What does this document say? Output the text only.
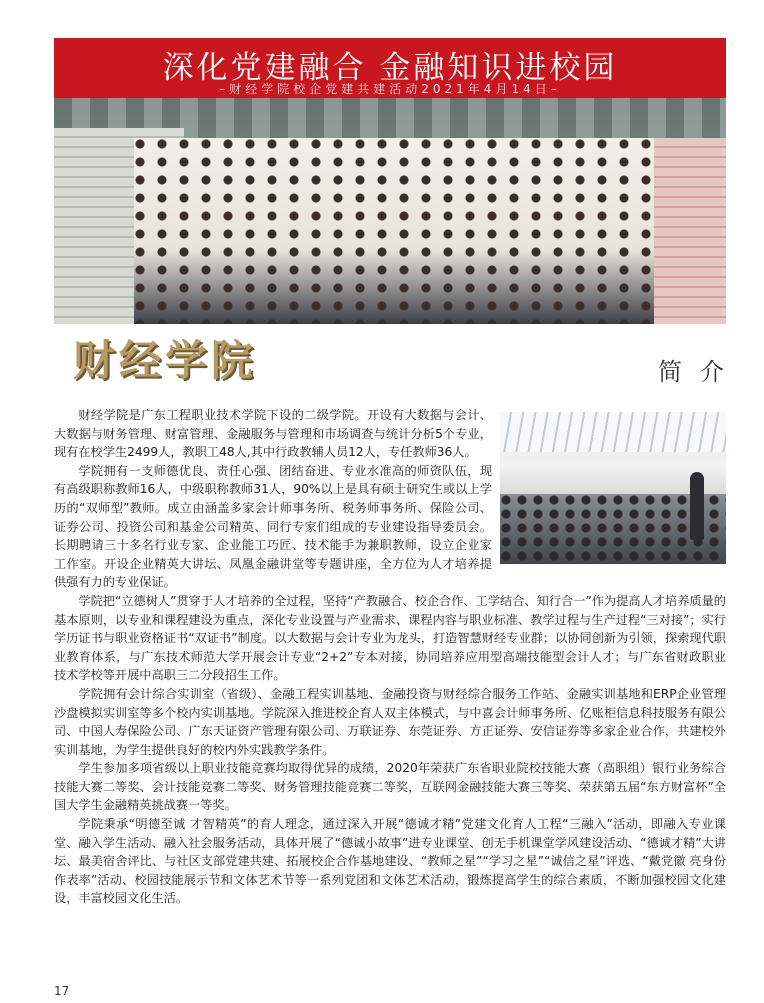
深化党建融合 金融知识进校园
–财经学院校企党建共建活动2021年4月14日–
财经学院	简介

财经学院是广东工程职业技术学院下设的二级学院。开设有大数据与会计、大数据与财务管理、财富管理、金融服务与管理和市场调查与统计分析5个专业，现有在校学生2499人，教职工48人,其中行政教辅人员12人，专任教师36人。

学院拥有一支师德优良、责任心强、团结奋进、专业水准高的师资队伍，现有高级职称教师16人，中级职称教师31人，90%以上是具有硕士研究生或以上学历的“双师型”教师。成立由涵盖多家会计师事务所、税务师事务所、保险公司、证券公司、投资公司和基金公司精英、同行专家们组成的专业建设指导委员会。长期聘请三十多名行业专家、企业能工巧匠、技术能手为兼职教师，设立企业家工作室。开设企业精英大讲坛、凤凰金融讲堂等专题讲座，全方位为人才培养提供强有力的专业保证。

学院把“立德树人”贯穿于人才培养的全过程，坚持“产教融合、校企合作、工学结合、知行合一”作为提高人才培养质量的基本原则，以专业和课程建设为重点，深化专业设置与产业需求、课程内容与职业标准、教学过程与生产过程“三对接”；实行学历证书与职业资格证书“双证书”制度。以大数据与会计专业为龙头，打造智慧财经专业群；以协同创新为引领，探索现代职业教育体系，与广东技术师范大学开展会计专业“2+2”专本对接，协同培养应用型高端技能型会计人才；与广东省财政职业技术学校等开展中高职三二分段招生工作。

学院拥有会计综合实训室（省级）、金融工程实训基地、金融投资与财经综合服务工作站、金融实训基地和ERP企业管理沙盘模拟实训室等多个校内实训基地。学院深入推进校企育人双主体模式，与中喜会计师事务所、亿账柜信息科技服务有限公司、中国人寿保险公司、广东天证资产管理有限公司、万联证券、东莞证券、方正证券、安信证券等多家企业合作，共建校外实训基地，为学生提供良好的校内外实践教学条件。

学生参加多项省级以上职业技能竞赛均取得优异的成绩，2020年荣获广东省职业院校技能大赛（高职组）银行业务综合技能大赛二等奖、会计技能竞赛二等奖、财务管理技能竞赛二等奖，互联网金融技能大赛三等奖、荣获第五届“东方财富杯”全国大学生金融精英挑战赛一等奖。

学院秉承“明德至诚 才智精英”的育人理念，通过深入开展“德诚才精”党建文化育人工程“三融入”活动，即融入专业课堂、融入学生活动、融入社会服务活动，具体开展了“德诚小故事”进专业课堂、创无手机课堂学风建设活动、“德诚才精”大讲坛、最美宿舍评比、与社区支部党建共建、拓展校企合作基地建设、“教师之星”“学习之星”“诚信之星”评选、“戴党徽 亮身份 作表率”活动、校园技能展示节和文体艺术节等一系列党团和文体艺术活动，锻炼提高学生的综合素质，不断加强校园文化建设，丰富校园文化生活。

17
